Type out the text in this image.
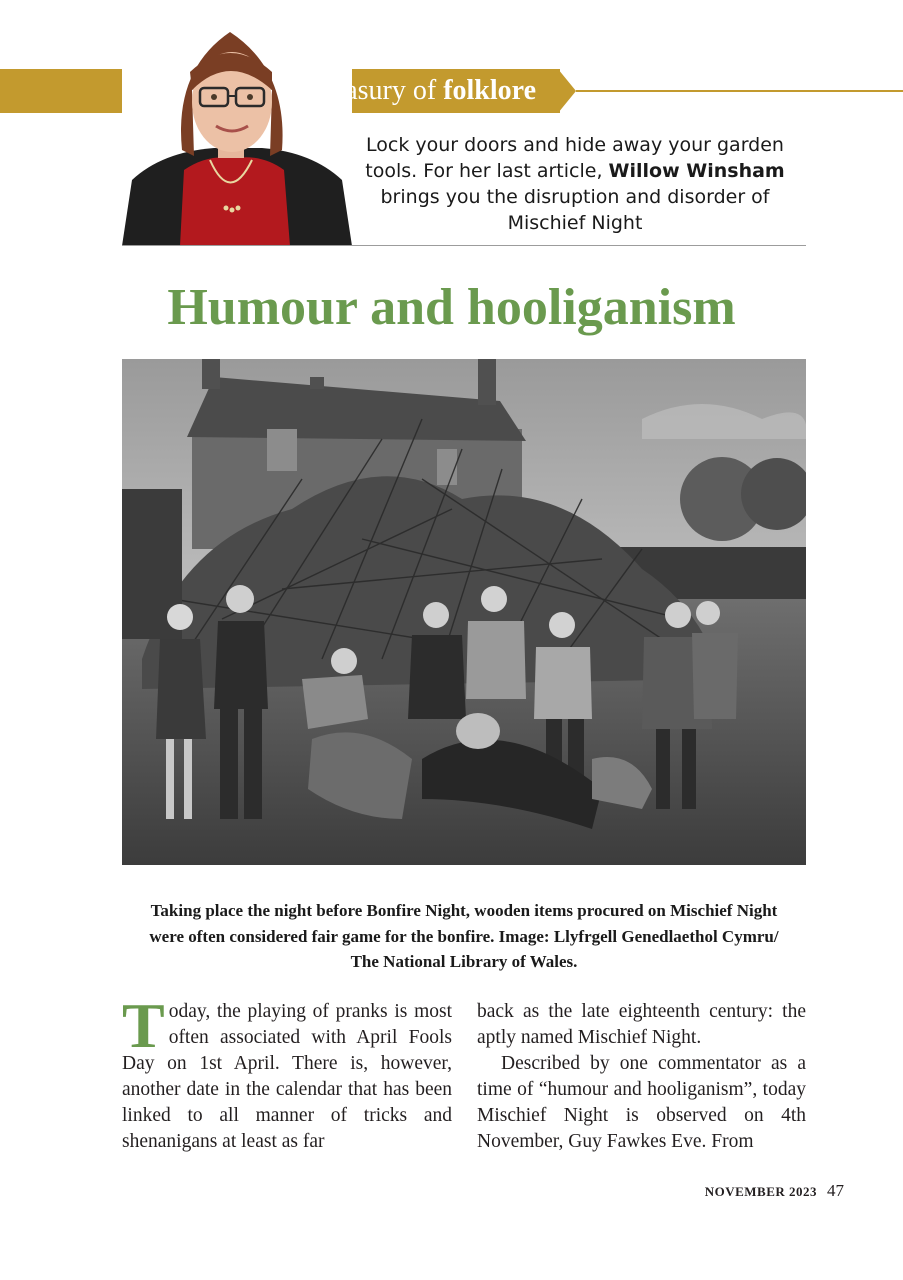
A treasury of folklore
Lock your doors and hide away your garden tools. For her last article, Willow Winsham brings you the disruption and disorder of Mischief Night
Humour and hooliganism
Taking place the night before Bonfire Night, wooden items procured on Mischief Night
were often considered fair game for the bonfire. Image: Llyfrgell Genedlaethol Cymru/
The National Library of Wales.

Today, the playing of pranks is most often associated with April Fools Day on 1st April. There is, however, another date in the calendar that has been linked to all manner of tricks and shenanigans at least as far

back as the late eighteenth century: the aptly named Mischief Night.

Described by one commentator as a time of “humour and hooliganism”, today Mischief Night is observed on 4th November, Guy Fawkes Eve. From

NOVEMBER 2023 47
